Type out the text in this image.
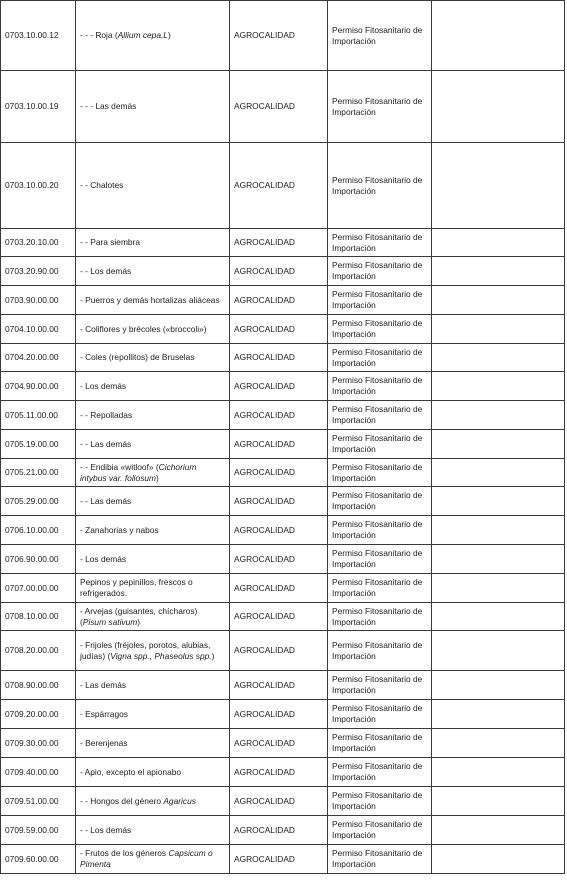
0703.10.00.12	- - - Roja (Allium cepa.L)	AGROCALIDAD	Permiso Fitosanitario de Importación	
0703.10.00.19	- - - Las demás	AGROCALIDAD	Permiso Fitosanitario de Importación	
0703.10.00.20	- - Chalotes	AGROCALIDAD	Permiso Fitosanitario de Importación	
0703.20.10.00	- - Para siembra	AGROCALIDAD	Permiso Fitosanitario de Importación	
0703.20.90.00	- - Los demás	AGROCALIDAD	Permiso Fitosanitario de Importación	
0703.90.00.00	- Puerros y demás hortalizas aliáceas	AGROCALIDAD	Permiso Fitosanitario de Importación	
0704.10.00.00	- Coliflores y brécoles («broccoli»)	AGROCALIDAD	Permiso Fitosanitario de Importación	
0704.20.00.00	- Coles (repollitos) de Bruselas	AGROCALIDAD	Permiso Fitosanitario de Importación	
0704.90.00.00	- Los demás	AGROCALIDAD	Permiso Fitosanitario de Importación	
0705.11.00.00	- - Repolladas	AGROCALIDAD	Permiso Fitosanitario de Importación	
0705.19.00.00	- - Las demás	AGROCALIDAD	Permiso Fitosanitario de Importación	
0705.21.00.00	- - Endibia «witloof» (Cichorium intybus var. foliosum)	AGROCALIDAD	Permiso Fitosanitario de Importación	
0705.29.00.00	- - Las demás	AGROCALIDAD	Permiso Fitosanitario de Importación	
0706.10.00.00	- Zanahorias y nabos	AGROCALIDAD	Permiso Fitosanitario de Importación	
0706.90.00.00	- Los demás	AGROCALIDAD	Permiso Fitosanitario de Importación	
0707.00.00.00	Pepinos y pepinillos, frescos o refrigerados.	AGROCALIDAD	Permiso Fitosanitario de Importación	
0708.10.00.00	- Arvejas (guisantes, chícharos) (Pisum sativum)	AGROCALIDAD	Permiso Fitosanitario de Importación	
0708.20.00.00	- Frijoles (fréjoles, porotos, alubias, judías) (Vigna spp., Phaseolus spp.)	AGROCALIDAD	Permiso Fitosanitario de Importación	
0708.90.00.00	- Las demás	AGROCALIDAD	Permiso Fitosanitario de Importación	
0709.20.00.00	- Espárragos	AGROCALIDAD	Permiso Fitosanitario de Importación	
0709.30.00.00	- Berenjenas	AGROCALIDAD	Permiso Fitosanitario de Importación	
0709.40.00.00	- Apio, excepto el apionabo	AGROCALIDAD	Permiso Fitosanitario de Importación	
0709.51.00.00	- - Hongos del género Agaricus	AGROCALIDAD	Permiso Fitosanitario de Importación	
0709.59.00.00	- - Los demás	AGROCALIDAD	Permiso Fitosanitario de Importación	
0709.60.00.00	- Frutos de los géneros Capsicum o Pimenta	AGROCALIDAD	Permiso Fitosanitario de Importación	
